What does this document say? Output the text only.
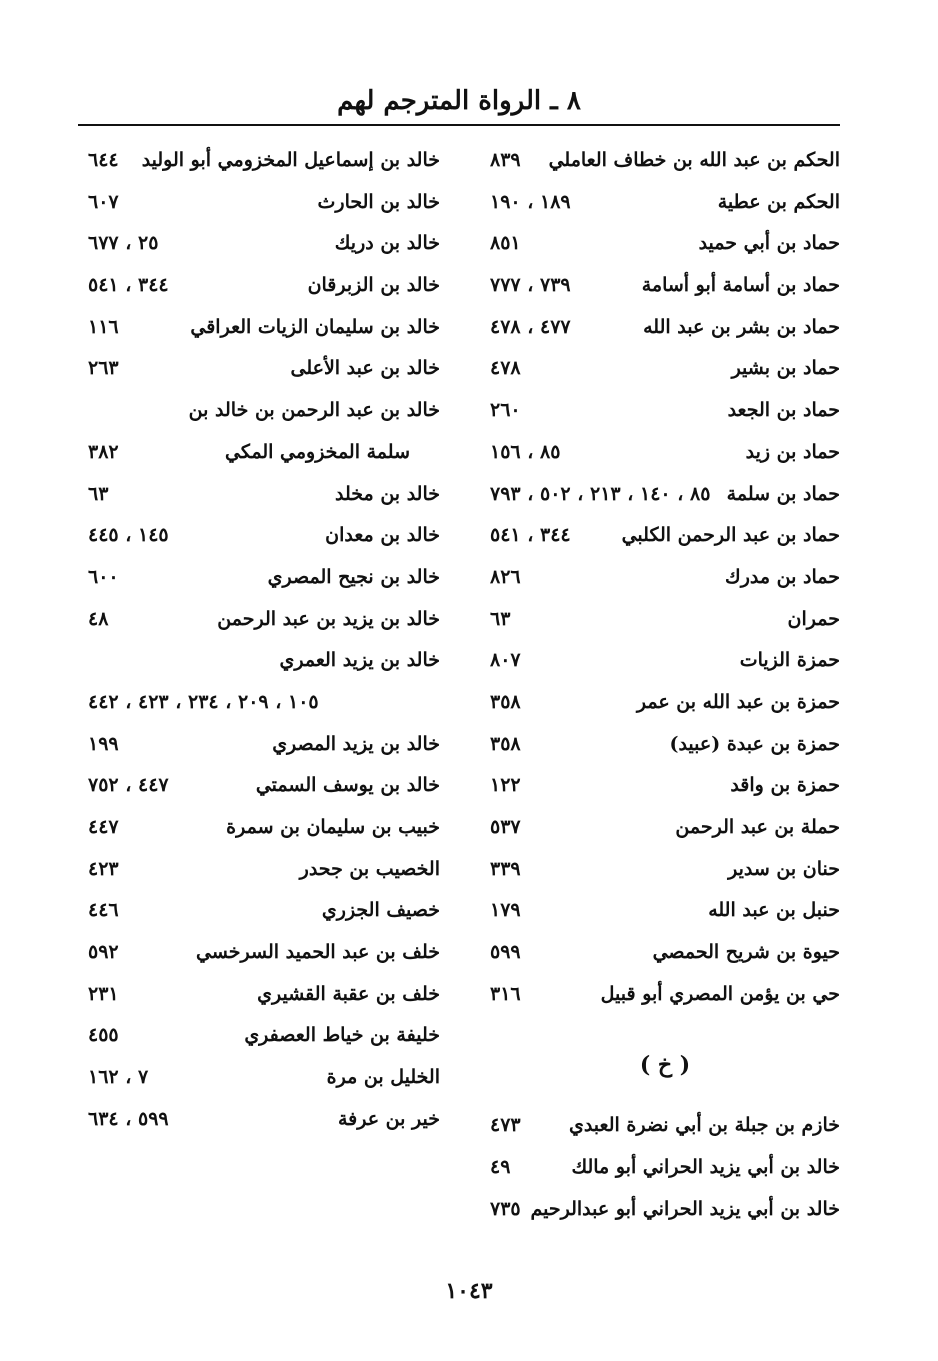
٨ ـ الرواة المترجم لهم
الحكم بن عبد الله بن خطاف العاملي
٨٣٩
الحكم بن عطية
١٨٩ ، ١٩٠
حماد بن أبي حميد
٨٥١
حماد بن أسامة أبو أسامة
٧٣٩ ، ٧٧٧
حماد بن بشر بن عبد الله
٤٧٧ ، ٤٧٨
حماد بن بشير
٤٧٨
حماد بن الجعد
٢٦٠
حماد بن زيد
٨٥ ، ١٥٦
حماد بن سلمة
٨٥ ، ١٤٠ ، ٢١٣ ، ٥٠٢ ، ٧٩٣
حماد بن عبد الرحمن الكلبي
٣٤٤ ، ٥٤١
حماد بن مدرك
٨٢٦
حمران
٦٣
حمزة الزيات
٨٠٧
حمزة بن عبد الله بن عمر
٣٥٨
حمزة بن عبدة (عبيد)
٣٥٨
حمزة بن واقد
١٢٢
حملة بن عبد الرحمن
٥٣٧
حنان بن سدير
٣٣٩
حنبل بن عبد الله
١٧٩
حيوة بن شريح الحمصي
٥٩٩
حي بن يؤمن المصري أبو قبيل
٣١٦
( خ )
خازم بن جبلة بن أبي نضرة العبدي
٤٧٣
خالد بن أبي يزيد الحراني أبو مالك
٤٩
خالد بن أبي يزيد الحراني أبو عبدالرحيم
٧٣٥
خالد بن إسماعيل المخزومي أبو الوليد
٦٤٤
خالد بن الحارث
٦٠٧
خالد بن دريك
٢٥ ، ٦٧٧
خالد بن الزبرقان
٣٤٤ ، ٥٤١
خالد بن سليمان الزيات العراقي
١١٦
خالد بن عبد الأعلى
٢٦٣
خالد بن عبد الرحمن بن خالد بن
سلمة المخزومي المكي
٣٨٢
خالد بن مخلد
٦٣
خالد بن معدان
١٤٥ ، ٤٤٥
خالد بن نجيح المصري
٦٠٠
خالد بن يزيد بن عبد الرحمن
٤٨
خالد بن يزيد العمري
١٠٥ ، ٢٠٩ ، ٢٣٤ ، ٤٢٣ ، ٤٤٢
خالد بن يزيد المصري
١٩٩
خالد بن يوسف السمتي
٤٤٧ ، ٧٥٢
خبيب بن سليمان بن سمرة
٤٤٧
الخصيب بن جحدر
٤٢٣
خصيف الجزري
٤٤٦
خلف بن عبد الحميد السرخسي
٥٩٢
خلف بن عقبة القشيري
٢٣١
خليفة بن خياط العصفري
٤٥٥
الخليل بن مرة
٧ ، ١٦٢
خير بن عرفة
٥٩٩ ، ٦٣٤
١٠٤٣
